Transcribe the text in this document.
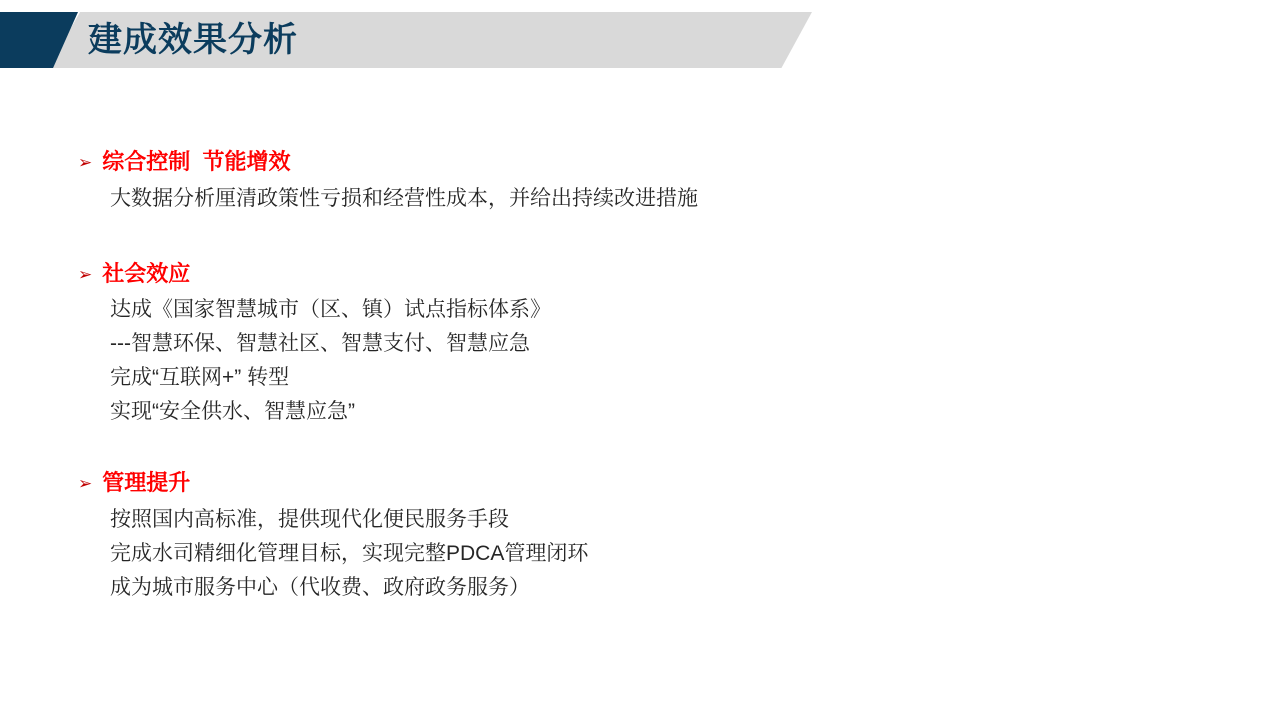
建成效果分析
➢ 综合控制  节能增效
大数据分析厘清政策性亏损和经营性成本，并给出持续改进措施
➢ 社会效应
达成《国家智慧城市（区、镇）试点指标体系》
---智慧环保、智慧社区、智慧支付、智慧应急
完成“互联网+” 转型
实现“安全供水、智慧应急”
➢ 管理提升
按照国内高标准，提供现代化便民服务手段
完成水司精细化管理目标，实现完整PDCA管理闭环
成为城市服务中心（代收费、政府政务服务）
